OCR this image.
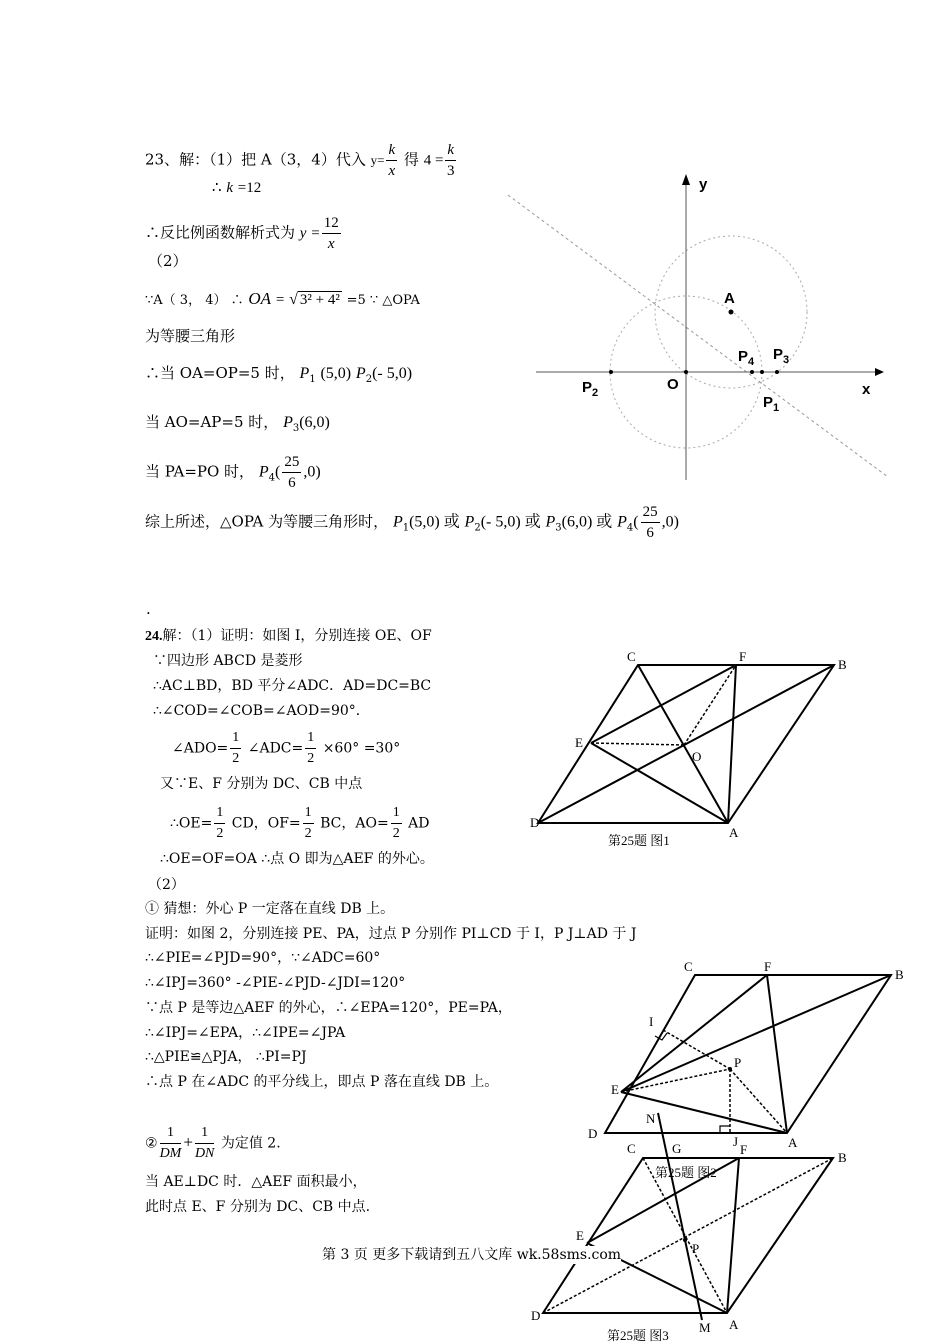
23、解：（1）把 A（3，4）代入 $y= \frac{k}{x}$ 得 $4 = \frac{k}{3}$
∴ k =12
∴反比例函数解析式为 $y = \frac{12}{x}$
（2）
∵A（ 3， 4） ∴ OA = √ 3² + 4² =5 ∵ △OPA
为等腰三角形
∴当 OA=OP=5 时， $P_1$ (5,0) $P_2(-$ 5,0)
当 AO=AP=5 时， $P_3(6,0)$
当 PA=PO 时， $P_4( \frac{25}{6} ,0)$
综上所述，△OPA 为等腰三角形时， $P_1(5,0)$ 或 $P_2(-$ 5,0) 或 $P_3(6,0)$ 或 $P_4( \frac{25}{6} ,0)$
.
y
x
O
A
$P_2$
$P_4$ $P_3$
$P_1$
24.解：（1）证明：如图 I，分别连接 OE、OF
∵四边形 ABCD 是菱形
∴AC⊥BD，BD 平分∠ADC．AD=DC=BC
∴∠COD=∠COB=∠AOD=90°．
∠ADO= $\frac{1}{2}$ ∠ADC= $\frac{1}{2} \times 60^\circ =30^\circ$
又∵E、F 分别为 DC、CB 中点
∴OE= $\frac{1}{2}$ CD，$OF= \frac{1}{2}$ BC，$AO= \frac{1}{2}$ AD
∴OE=OF=OA ∴点 O 即为△AEF 的外心。
（2）
① 猜想：外心 P 一定落在直线 DB 上。
证明：如图 2，分别连接 PE、PA，过点 P 分别作 PI⊥CD 于 I，P J⊥AD 于 J
∴∠PIE=∠PJD=90°，∵∠ADC=60°
∴∠IPJ=360° -∠PIE-∠PJD-∠JDI=120°
∵点 P 是等边△AEF 的外心，∴∠EPA=120°，PE=PA，
∴∠IPJ=∠EPA，∴∠IPE=∠JPA
∴△PIE≌△PJA， ∴PI=PJ
∴点 P 在∠ADC 的平分线上，即点 P 落在直线 DB 上。
② $\frac{1}{DM} + \frac{1}{DN}$ 为定值 2.
当 AE⊥DC 时．△AEF 面积最小，
此时点 E、F 分别为 DC、CB 中点.
C	F
B
E
O
D
A
第25题 图1
C	F
B
I
P
E
D
J	A
第25题 图2
N
C	G	F
B
E
P
D
M A
第25题 图3
第 3 页 更多下载请到五八文库 wk.58sms.com
